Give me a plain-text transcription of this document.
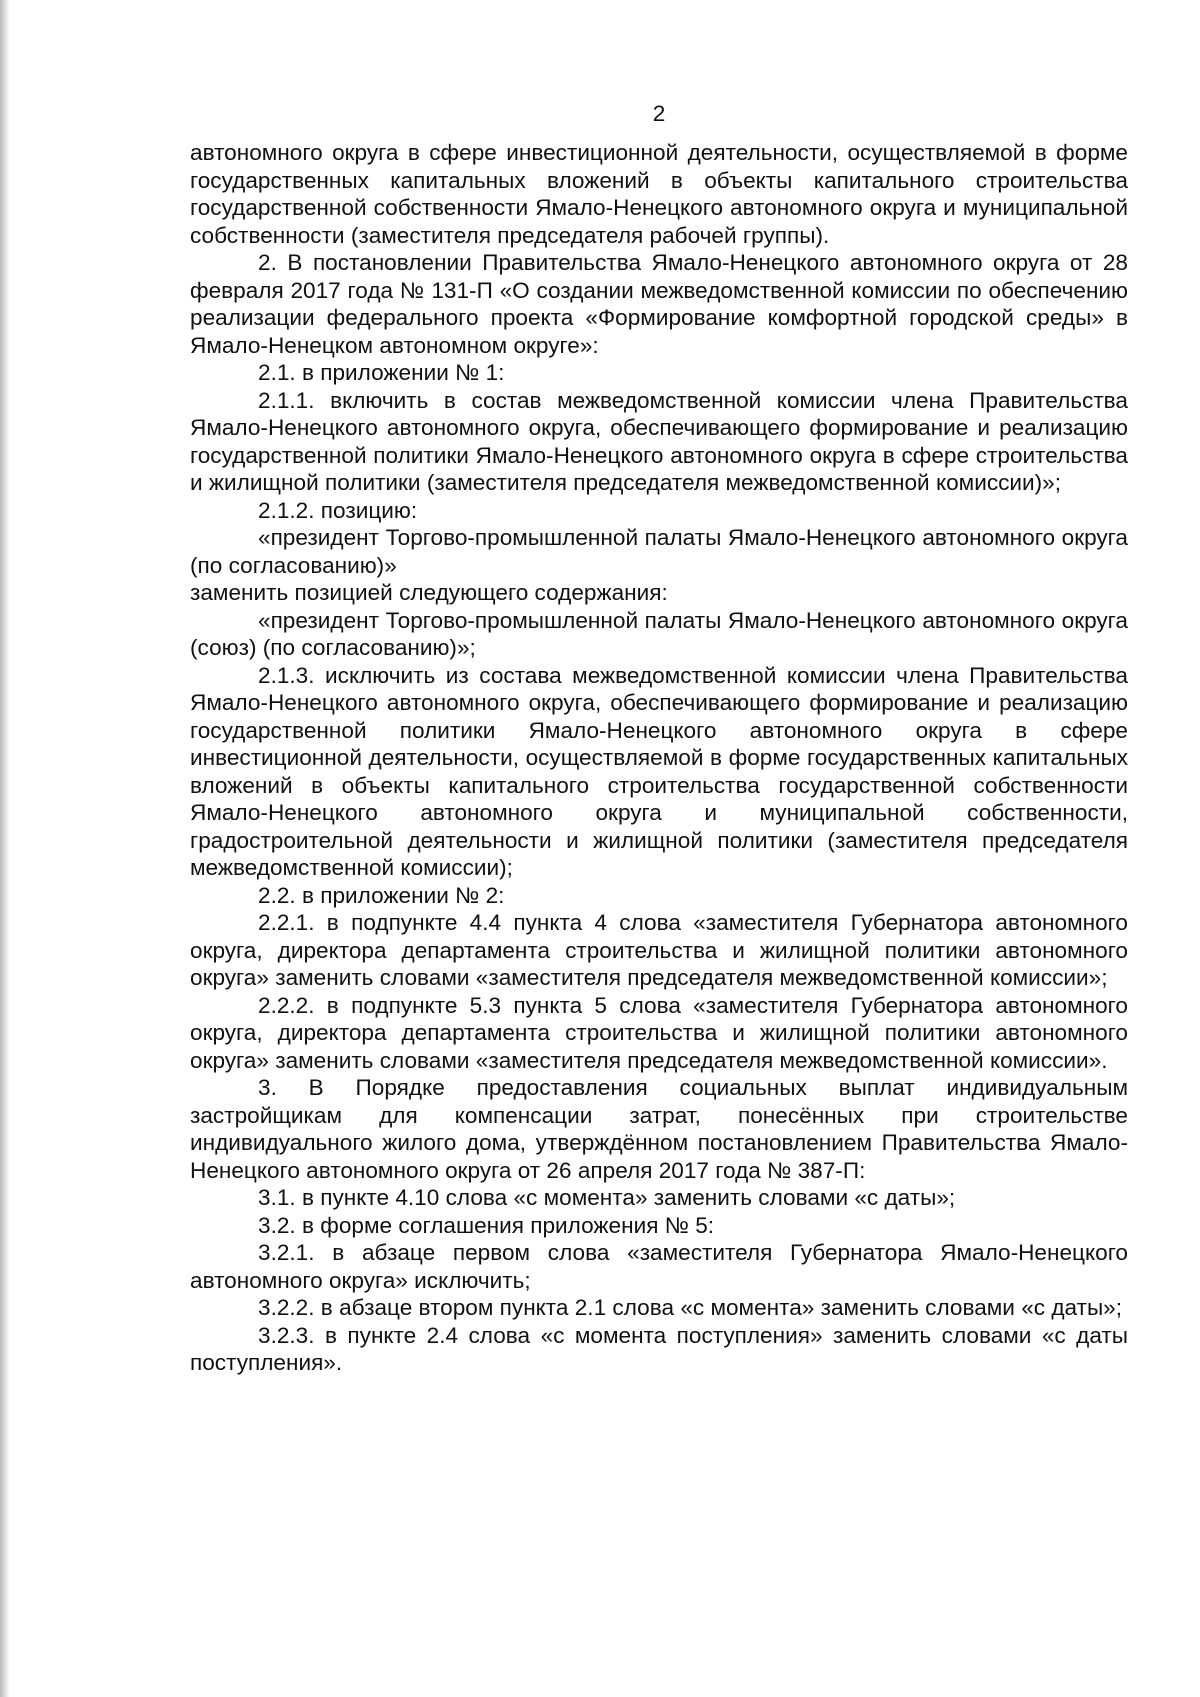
2

автономного округа в сфере инвестиционной деятельности, осуществляемой в форме государственных капитальных вложений в объекты капитального строительства государственной собственности Ямало-Ненецкого автономного округа и муниципальной собственности (заместителя председателя рабочей группы).

2. В постановлении Правительства Ямало-Ненецкого автономного округа от 28 февраля 2017 года № 131-П «О создании межведомственной комиссии по обеспечению реализации федерального проекта «Формирование комфортной городской среды» в Ямало-Ненецком автономном округе»:

2.1. в приложении № 1:

2.1.1. включить в состав межведомственной комиссии члена Правительства Ямало-Ненецкого автономного округа, обеспечивающего формирование и реализацию государственной политики Ямало-Ненецкого автономного округа в сфере строительства и жилищной политики (заместителя председателя межведомственной комиссии)»;

2.1.2. позицию:

«президент Торгово-промышленной палаты Ямало-Ненецкого автономного округа (по согласованию)»

заменить позицией следующего содержания:

«президент Торгово-промышленной палаты Ямало-Ненецкого автономного округа (союз) (по согласованию)»;

2.1.3. исключить из состава межведомственной комиссии члена Правительства Ямало-Ненецкого автономного округа, обеспечивающего формирование и реализацию государственной политики Ямало-Ненецкого автономного округа в сфере инвестиционной деятельности, осуществляемой в форме государственных капитальных вложений в объекты капитального строительства государственной собственности Ямало-Ненецкого автономного округа и муниципальной собственности, градостроительной деятельности и жилищной политики (заместителя председателя межведомственной комиссии);

2.2. в приложении № 2:

2.2.1. в подпункте 4.4 пункта 4 слова «заместителя Губернатора автономного округа, директора департамента строительства и жилищной политики автономного округа» заменить словами «заместителя председателя межведомственной комиссии»;

2.2.2. в подпункте 5.3 пункта 5 слова «заместителя Губернатора автономного округа, директора департамента строительства и жилищной политики автономного округа» заменить словами «заместителя председателя межведомственной комиссии».

3. В Порядке предоставления социальных выплат индивидуальным застройщикам для компенсации затрат, понесённых при строительстве индивидуального жилого дома, утверждённом постановлением Правительства Ямало-Ненецкого автономного округа от 26 апреля 2017 года № 387-П:

3.1. в пункте 4.10 слова «с момента» заменить словами «с даты»;

3.2. в форме соглашения приложения № 5:

3.2.1. в абзаце первом слова «заместителя Губернатора Ямало-Ненецкого автономного округа» исключить;

3.2.2. в абзаце втором пункта 2.1 слова «с момента» заменить словами «с даты»;

3.2.3. в пункте 2.4 слова «с момента поступления» заменить словами «с даты поступления».
